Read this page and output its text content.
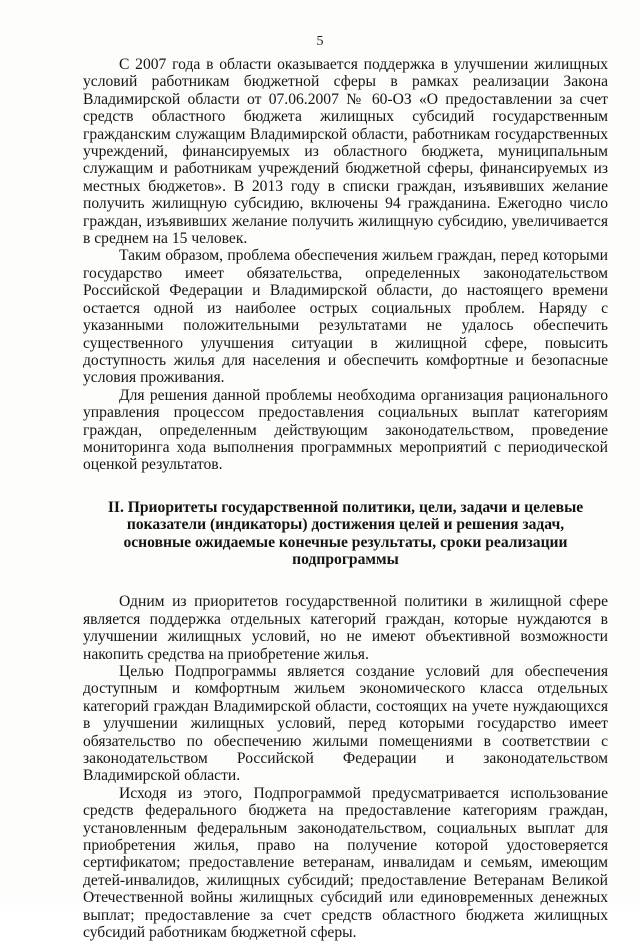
5

С 2007 года в области оказывается поддержка в улучшении жилищных условий работникам бюджетной сферы в рамках реализации Закона Владимирской области от 07.06.2007 № 60-ОЗ «О предоставлении за счет средств областного бюджета жилищных субсидий государственным гражданским служащим Владимирской области, работникам государственных учреждений, финансируемых из областного бюджета, муниципальным служащим и работникам учреждений бюджетной сферы, финансируемых из местных бюджетов». В 2013 году в списки граждан, изъявивших желание получить жилищную субсидию, включены 94 гражданина. Ежегодно число граждан, изъявивших желание получить жилищную субсидию, увеличивается в среднем на 15 человек.

Таким образом, проблема обеспечения жильем граждан, перед которыми государство имеет обязательства, определенных законодательством Российской Федерации и Владимирской области, до настоящего времени остается одной из наиболее острых социальных проблем. Наряду с указанными положительными результатами не удалось обеспечить существенного улучшения ситуации в жилищной сфере, повысить доступность жилья для населения и обеспечить комфортные и безопасные условия проживания.

Для решения данной проблемы необходима организация рационального управления процессом предоставления социальных выплат категориям граждан, определенным действующим законодательством, проведение мониторинга хода выполнения программных мероприятий с периодической оценкой результатов.

II. Приоритеты государственной политики, цели, задачи и целевые показатели (индикаторы) достижения целей и решения задач, основные ожидаемые конечные результаты, сроки реализации подпрограммы

Одним из приоритетов государственной политики в жилищной сфере является поддержка отдельных категорий граждан, которые нуждаются в улучшении жилищных условий, но не имеют объективной возможности накопить средства на приобретение жилья.

Целью Подпрограммы является создание условий для обеспечения доступным и комфортным жильем экономического класса отдельных категорий граждан Владимирской области, состоящих на учете нуждающихся в улучшении жилищных условий, перед которыми государство имеет обязательство по обеспечению жилыми помещениями в соответствии с законодательством Российской Федерации и законодательством Владимирской области.

Исходя из этого, Подпрограммой предусматривается использование средств федерального бюджета на предоставление категориям граждан, установленным федеральным законодательством, социальных выплат для приобретения жилья, право на получение которой удостоверяется сертификатом; предоставление ветеранам, инвалидам и семьям, имеющим детей-инвалидов, жилищных субсидий; предоставление Ветеранам Великой Отечественной войны жилищных субсидий или единовременных денежных выплат; предоставление за счет средств областного бюджета жилищных субсидий работникам бюджетной сферы.
